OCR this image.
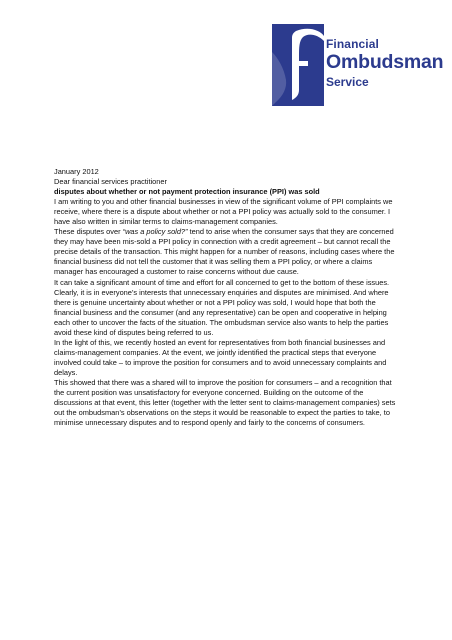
Financial
Ombudsman
Service

January 2012

Dear financial services practitioner

disputes about whether or not payment protection insurance (PPI) was sold

I am writing to you and other financial businesses in view of the significant volume of PPI complaints we receive, where there is a dispute about whether or not a PPI policy was actually sold to the consumer. I have also written in similar terms to claims-management companies.

These disputes over “was a policy sold?” tend to arise when the consumer says that they are concerned they may have been mis-sold a PPI policy in connection with a credit agreement – but cannot recall the precise details of the transaction. This might happen for a number of reasons, including cases where the financial business did not tell the customer that it was selling them a PPI policy, or where a claims manager has encouraged a customer to raise concerns without due cause.

It can take a significant amount of time and effort for all concerned to get to the bottom of these issues. Clearly, it is in everyone’s interests that unnecessary enquiries and disputes are minimised. And where there is genuine uncertainty about whether or not a PPI policy was sold, I would hope that both the financial business and the consumer (and any representative) can be open and cooperative in helping each other to uncover the facts of the situation. The ombudsman service also wants to help the parties avoid these kind of disputes being referred to us.

In the light of this, we recently hosted an event for representatives from both financial businesses and claims-management companies. At the event, we jointly identified the practical steps that everyone involved could take – to improve the position for consumers and to avoid unnecessary complaints and delays.

This showed that there was a shared will to improve the position for consumers – and a recognition that the current position was unsatisfactory for everyone concerned. Building on the outcome of the discussions at that event, this letter (together with the letter sent to claims-management companies) sets out the ombudsman’s observations on the steps it would be reasonable to expect the parties to take, to minimise unnecessary disputes and to respond openly and fairly to the concerns of consumers.
